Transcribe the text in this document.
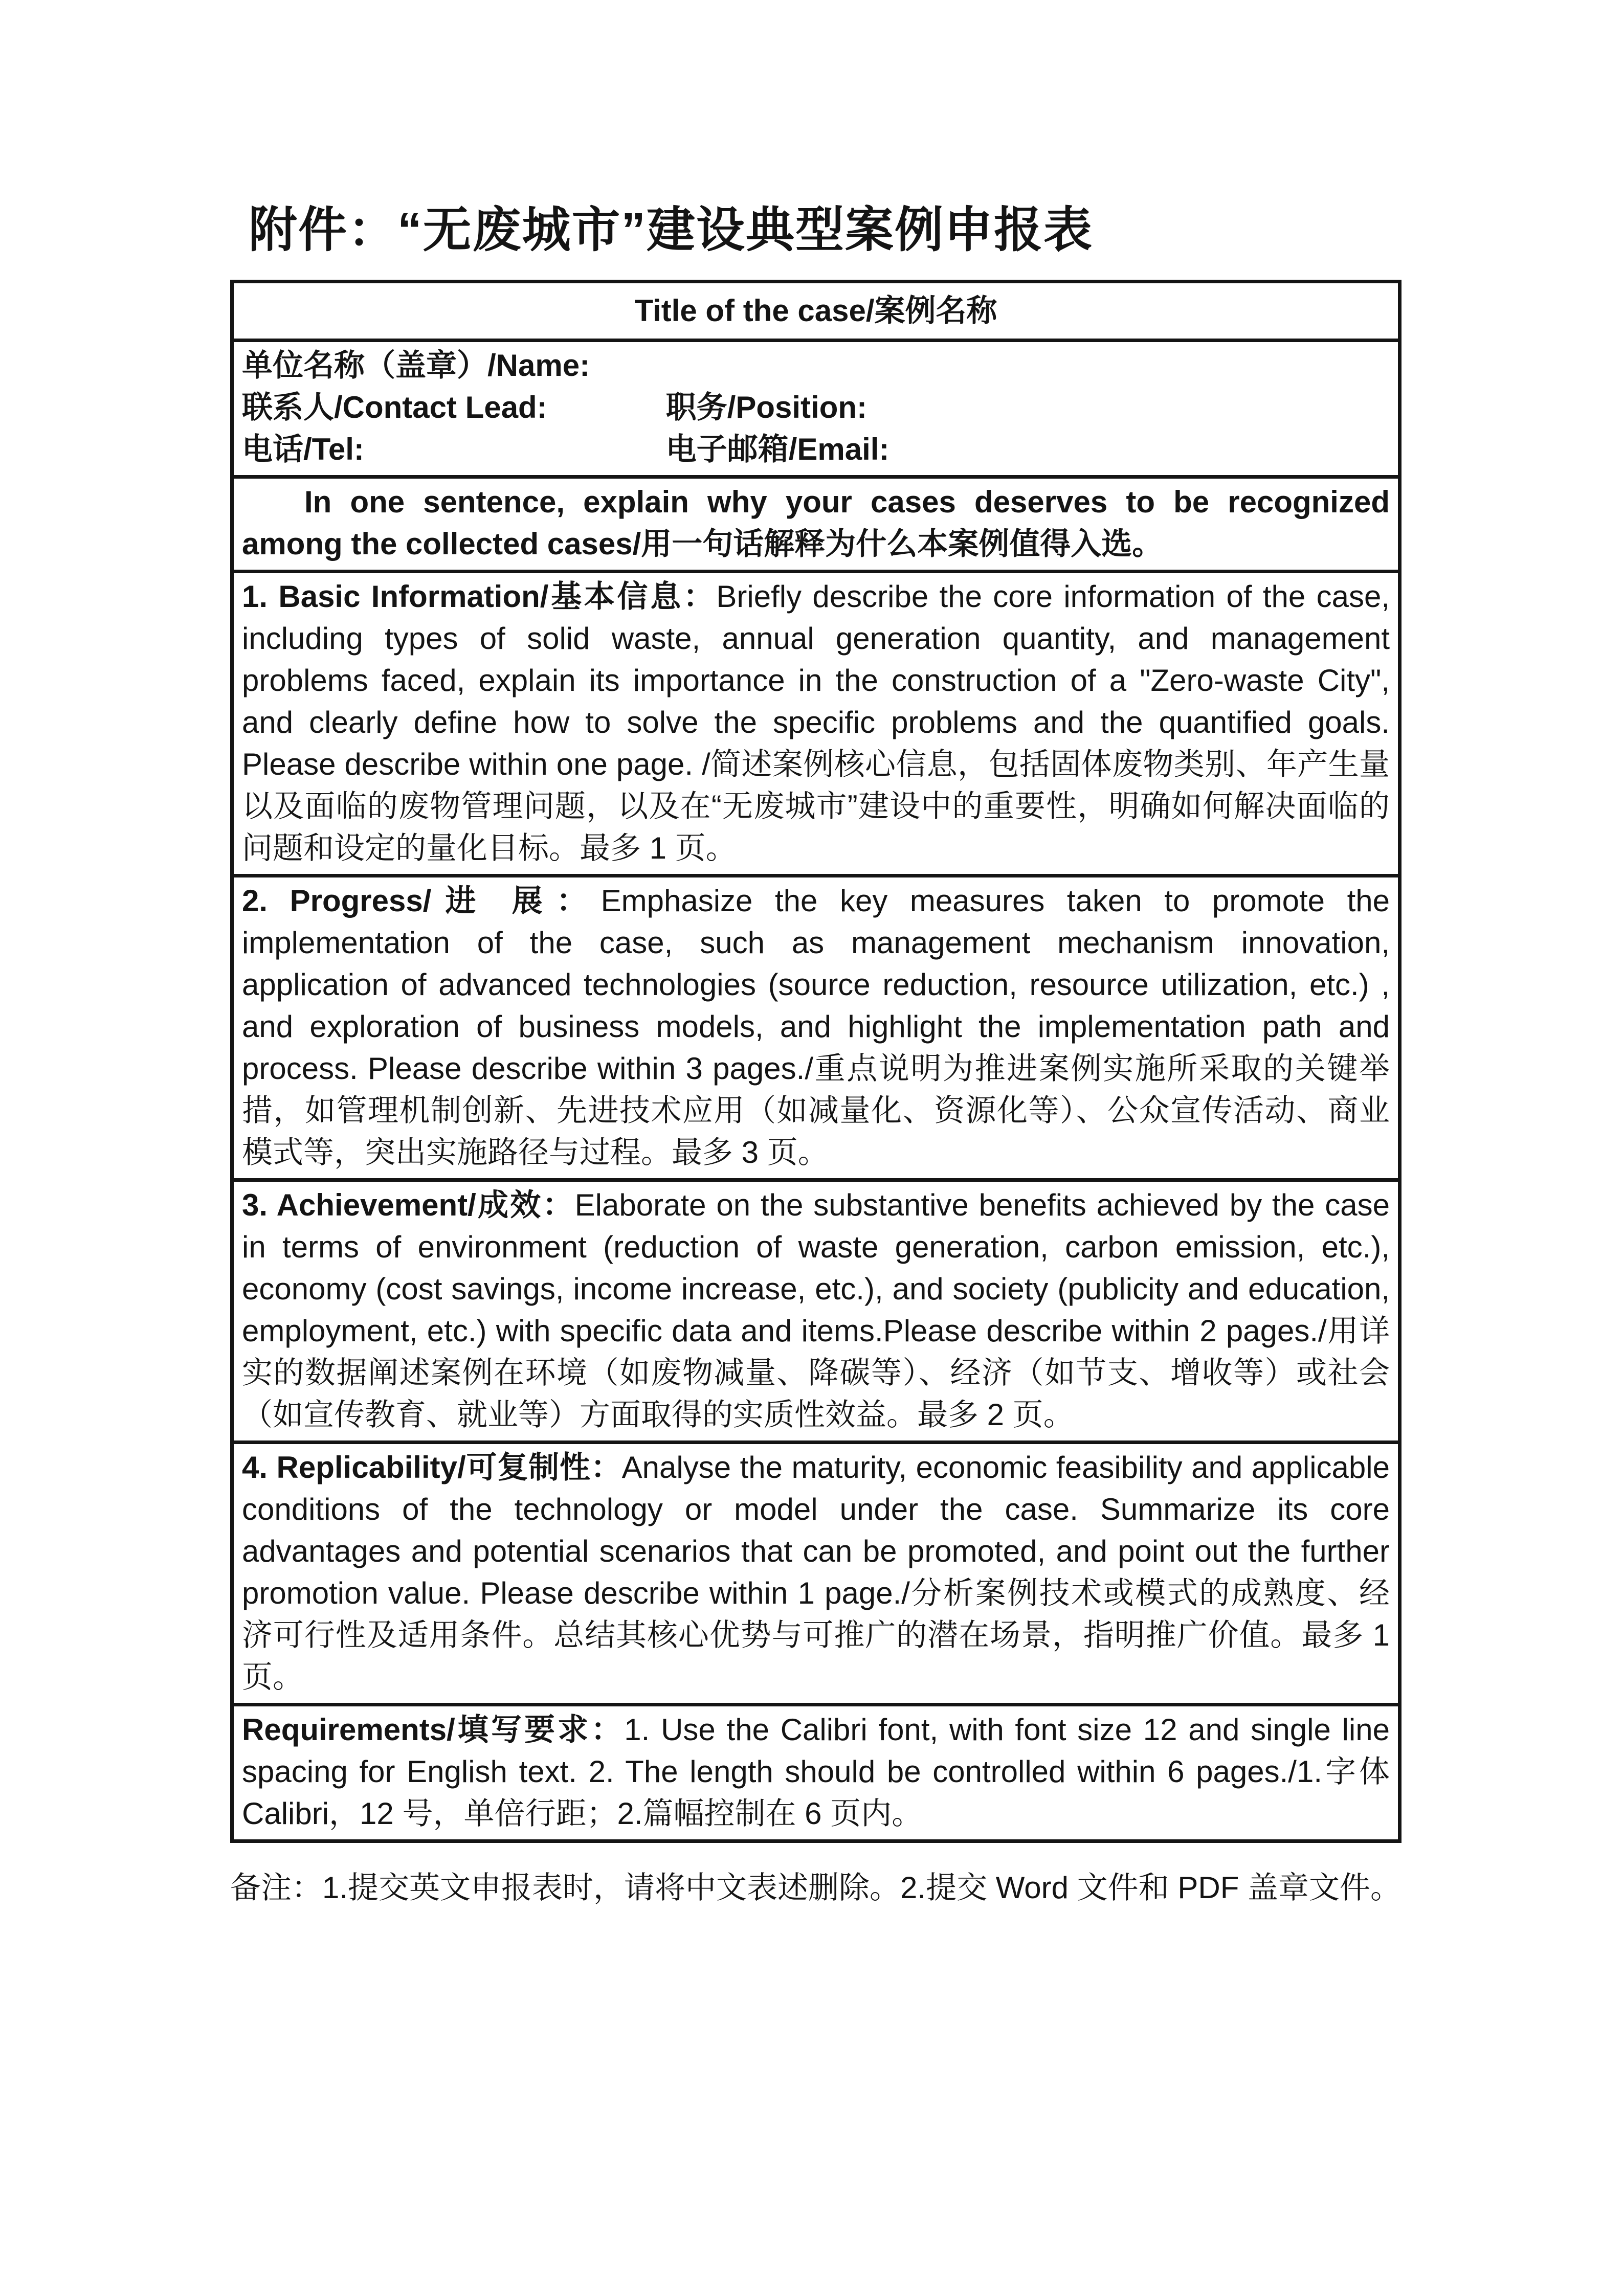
附件：“无废城市”建设典型案例申报表
Title of the case/案例名称
单位名称（盖章）/Name:
联系人/Contact Lead:	职务/Position:
电话/Tel:	电子邮箱/Email:

In one sentence, explain why your cases deserves to be recognized among the collected cases/用一句话解释为什么本案例值得入选。

1. Basic Information/基本信息：Briefly describe the core information of the case, including types of solid waste, annual generation quantity, and management problems faced, explain its importance in the construction of a "Zero-waste City", and clearly define how to solve the specific problems and the quantified goals. Please describe within one page. /简述案例核心信息，包括固体废物类别、年产生量以及面临的废物管理问题，以及在“无废城市”建设中的重要性，明确如何解决面临的问题和设定的量化目标。最多 1 页。

2. Progress/进 展：Emphasize the key measures taken to promote the implementation of the case, such as management mechanism innovation, application of advanced technologies (source reduction, resource utilization, etc.) , and exploration of business models, and highlight the implementation path and process. Please describe within 3 pages./重点说明为推进案例实施所采取的关键举措，如管理机制创新、先进技术应用（如减量化、资源化等）、公众宣传活动、商业模式等，突出实施路径与过程。最多 3 页。

3. Achievement/成效：Elaborate on the substantive benefits achieved by the case in terms of environment (reduction of waste generation, carbon emission, etc.), economy (cost savings, income increase, etc.), and society (publicity and education, employment, etc.) with specific data and items.Please describe within 2 pages./用详实的数据阐述案例在环境（如废物减量、降碳等）、经济（如节支、增收等）或社会（如宣传教育、就业等）方面取得的实质性效益。最多 2 页。

4. Replicability/可复制性：Analyse the maturity, economic feasibility and applicable conditions of the technology or model under the case. Summarize its core advantages and potential scenarios that can be promoted, and point out the further promotion value. Please describe within 1 page./分析案例技术或模式的成熟度、经济可行性及适用条件。总结其核心优势与可推广的潜在场景，指明推广价值。最多 1 页。

Requirements/填写要求：1. Use the Calibri font, with font size 12 and single line spacing for English text. 2. The length should be controlled within 6 pages./1.字体 Calibri，12 号，单倍行距；2.篇幅控制在 6 页内。

备注：1.提交英文申报表时，请将中文表述删除。2.提交 Word 文件和 PDF 盖章文件。
